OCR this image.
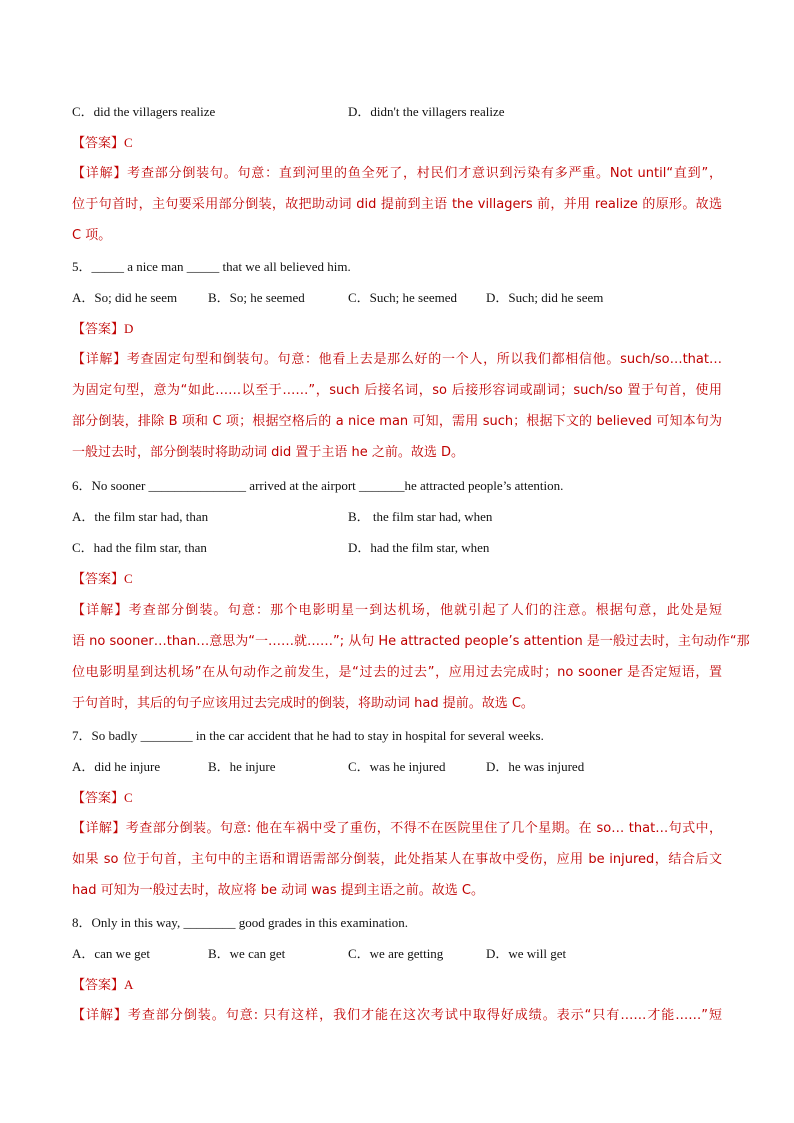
C．did the villagers realize	D．didn't the villagers realize
【答案】C
【详解】考查部分倒装句。句意：直到河里的鱼全死了，村民们才意识到污染有多严重。Not until“直到”，
位于句首时，主句要采用部分倒装，故把助动词 did 提前到主语 the villagers 前，并用 realize 的原形。故选
C 项。
5．_____ a nice man _____ that we all believed him.
A．So; did he seem B．So; he seemed	C．Such; he seemed D．Such; did he seem
【答案】D
【详解】考查固定句型和倒装句。句意：他看上去是那么好的一个人，所以我们都相信他。such/so…that…
为固定句型，意为“如此……以至于……”，such 后接名词，so 后接形容词或副词；such/so 置于句首，使用
部分倒装，排除 B 项和 C 项；根据空格后的 a nice man 可知，需用 such；根据下文的 believed 可知本句为
一般过去时，部分倒装时将助动词 did 置于主语 he 之前。故选 D。
6．No sooner _______________ arrived at the airport _______he attracted people’s attention.
A．the film star had, than	B． the film star had, when
C．had the film star, than	D．had the film star, when
【答案】C
【详解】考查部分倒装。句意：那个电影明星一到达机场，他就引起了人们的注意。根据句意，此处是短
语 no sooner…than…意思为“一……就……”; 从句 He attracted people’s attention 是一般过去时，主句动作“那
位电影明星到达机场”在从句动作之前发生，是“过去的过去”，应用过去完成时；no sooner 是否定短语，置
于句首时，其后的句子应该用过去完成时的倒装，将助动词 had 提前。故选 C。
7．So badly ________ in the car accident that he had to stay in hospital for several weeks.
A．did he injure	B．he injure	C．was he injured	D．he was injured
【答案】C
【详解】考查部分倒装。句意: 他在车祸中受了重伤，不得不在医院里住了几个星期。在 so… that…句式中，
如果 so 位于句首，主句中的主语和谓语需部分倒装，此处指某人在事故中受伤，应用 be injured，结合后文
had 可知为一般过去时，故应将 be 动词 was 提到主语之前。故选 C。
8．Only in this way, ________ good grades in this examination.
A．can we get	B．we can get	C．we are getting	D．we will get
【答案】A
【详解】考查部分倒装。句意: 只有这样，我们才能在这次考试中取得好成绩。表示“只有……才能……”短
